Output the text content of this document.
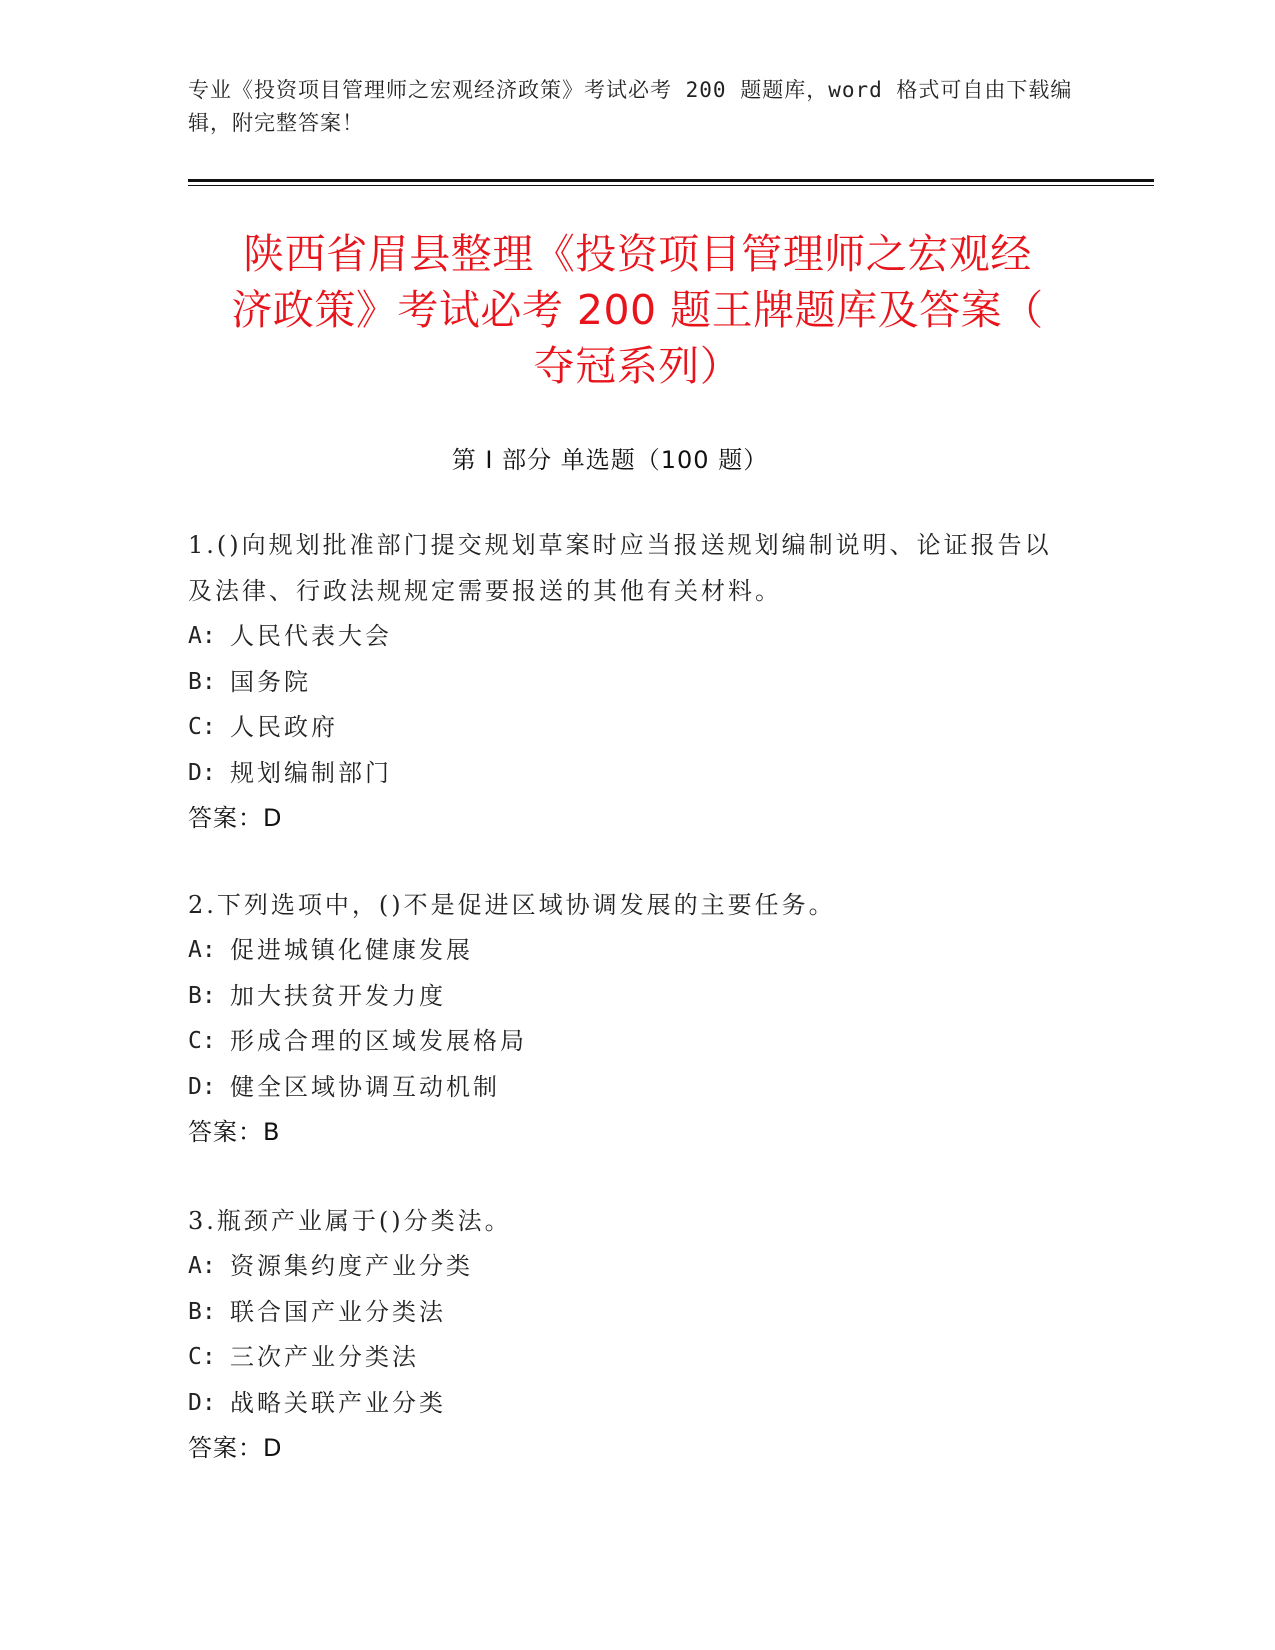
专业《投资项目管理师之宏观经济政策》考试必考 200 题题库，word 格式可自由下载编辑，附完整答案！
陕西省眉县整理《投资项目管理师之宏观经
济政策》考试必考 200 题王牌题库及答案（
夺冠系列）
第 I 部分 单选题（100 题）

1.()向规划批准部门提交规划草案时应当报送规划编制说明、论证报告以及法律、行政法规规定需要报送的其他有关材料。

A: 人民代表大会
B: 国务院
C: 人民政府
D: 规划编制部门

答案：D

2.下列选项中，()不是促进区域协调发展的主要任务。

A: 促进城镇化健康发展
B: 加大扶贫开发力度
C: 形成合理的区域发展格局
D: 健全区域协调互动机制

答案：B

3.瓶颈产业属于()分类法。

A: 资源集约度产业分类
B: 联合国产业分类法
C: 三次产业分类法
D: 战略关联产业分类

答案：D
